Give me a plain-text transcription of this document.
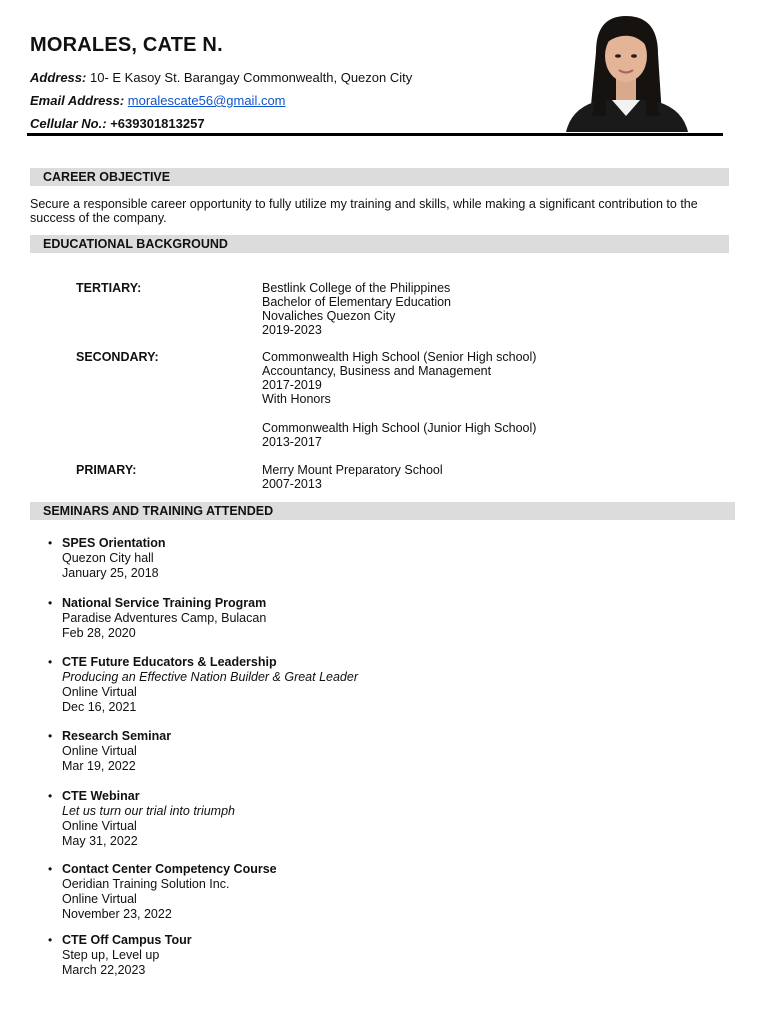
MORALES, CATE N.
Address: 10- E Kasoy St. Barangay Commonwealth, Quezon City
Email Address: moralescate56@gmail.com
Cellular No.: +639301813257
CAREER OBJECTIVE
Secure a responsible career opportunity to fully utilize my training and skills, while making a significant contribution to the success of the company.
EDUCATIONAL BACKGROUND
TERTIARY:	Bestlink College of the Philippines
Bachelor of Elementary Education
Novaliches Quezon City
2019-2023
SECONDARY:	Commonwealth High School (Senior High school)
Accountancy, Business and Management
2017-2019
With Honors
Commonwealth High School (Junior High School)
2013-2017
PRIMARY:	Merry Mount Preparatory School
2007-2013
SEMINARS AND TRAINING ATTENDED
• SPES Orientation
Quezon City hall
January 25, 2018
• National Service Training Program
Paradise Adventures Camp, Bulacan
Feb 28, 2020
• CTE Future Educators & Leadership
Producing an Effective Nation Builder & Great Leader
Online Virtual
Dec 16, 2021
• Research Seminar
Online Virtual
Mar 19, 2022
• CTE Webinar
Let us turn our trial into triumph
Online Virtual
May 31, 2022
• Contact Center Competency Course
Oeridian Training Solution Inc.
Online Virtual
November 23, 2022
• CTE Off Campus Tour
Step up, Level up
March 22,2023
